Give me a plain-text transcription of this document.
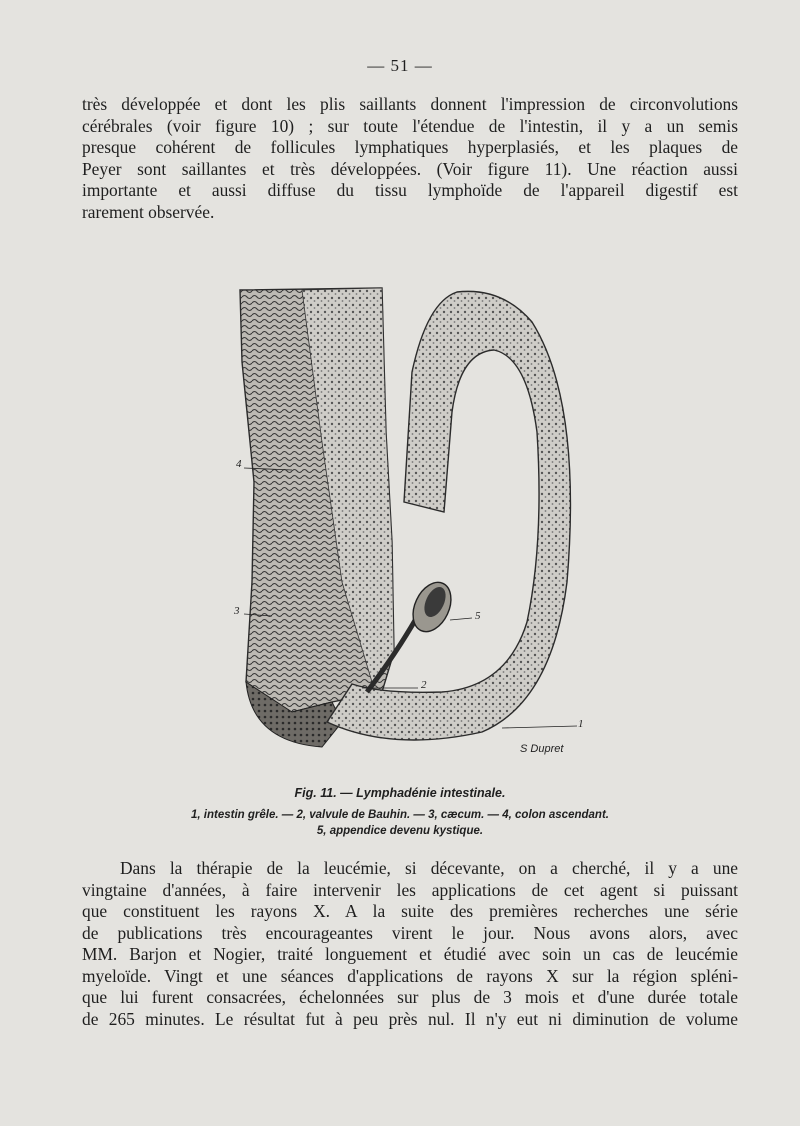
— 51 —
très développée et dont les plis saillants donnent l'impression de circonvolutions
cérébrales (voir figure 10) ; sur toute l'étendue de l'intestin, il y a un semis
presque cohérent de follicules lymphatiques hyperplasiés, et les plaques de
Peyer sont saillantes et très développées. (Voir figure 11). Une réaction aussi
importante et aussi diffuse du tissu lymphoïde de l'appareil digestif est
rarement observée.
4
3	5
2
1
S Dupret
Fig. 11. — Lymphadénie intestinale.
1, intestin grêle. — 2, valvule de Bauhin. — 3, cæcum. — 4, colon ascendant.
5, appendice devenu kystique.
Dans la thérapie de la leucémie, si décevante, on a cherché, il y a une
vingtaine d'années, à faire intervenir les applications de cet agent si puissant
que constituent les rayons X. A la suite des premières recherches une série
de publications très encourageantes virent le jour. Nous avons alors, avec
MM. Barjon et Nogier, traité longuement et étudié avec soin un cas de leucémie
myeloïde. Vingt et une séances d'applications de rayons X sur la région spléni-
que lui furent consacrées, échelonnées sur plus de 3 mois et d'une durée totale
de 265 minutes. Le résultat fut à peu près nul. Il n'y eut ni diminution de volume
